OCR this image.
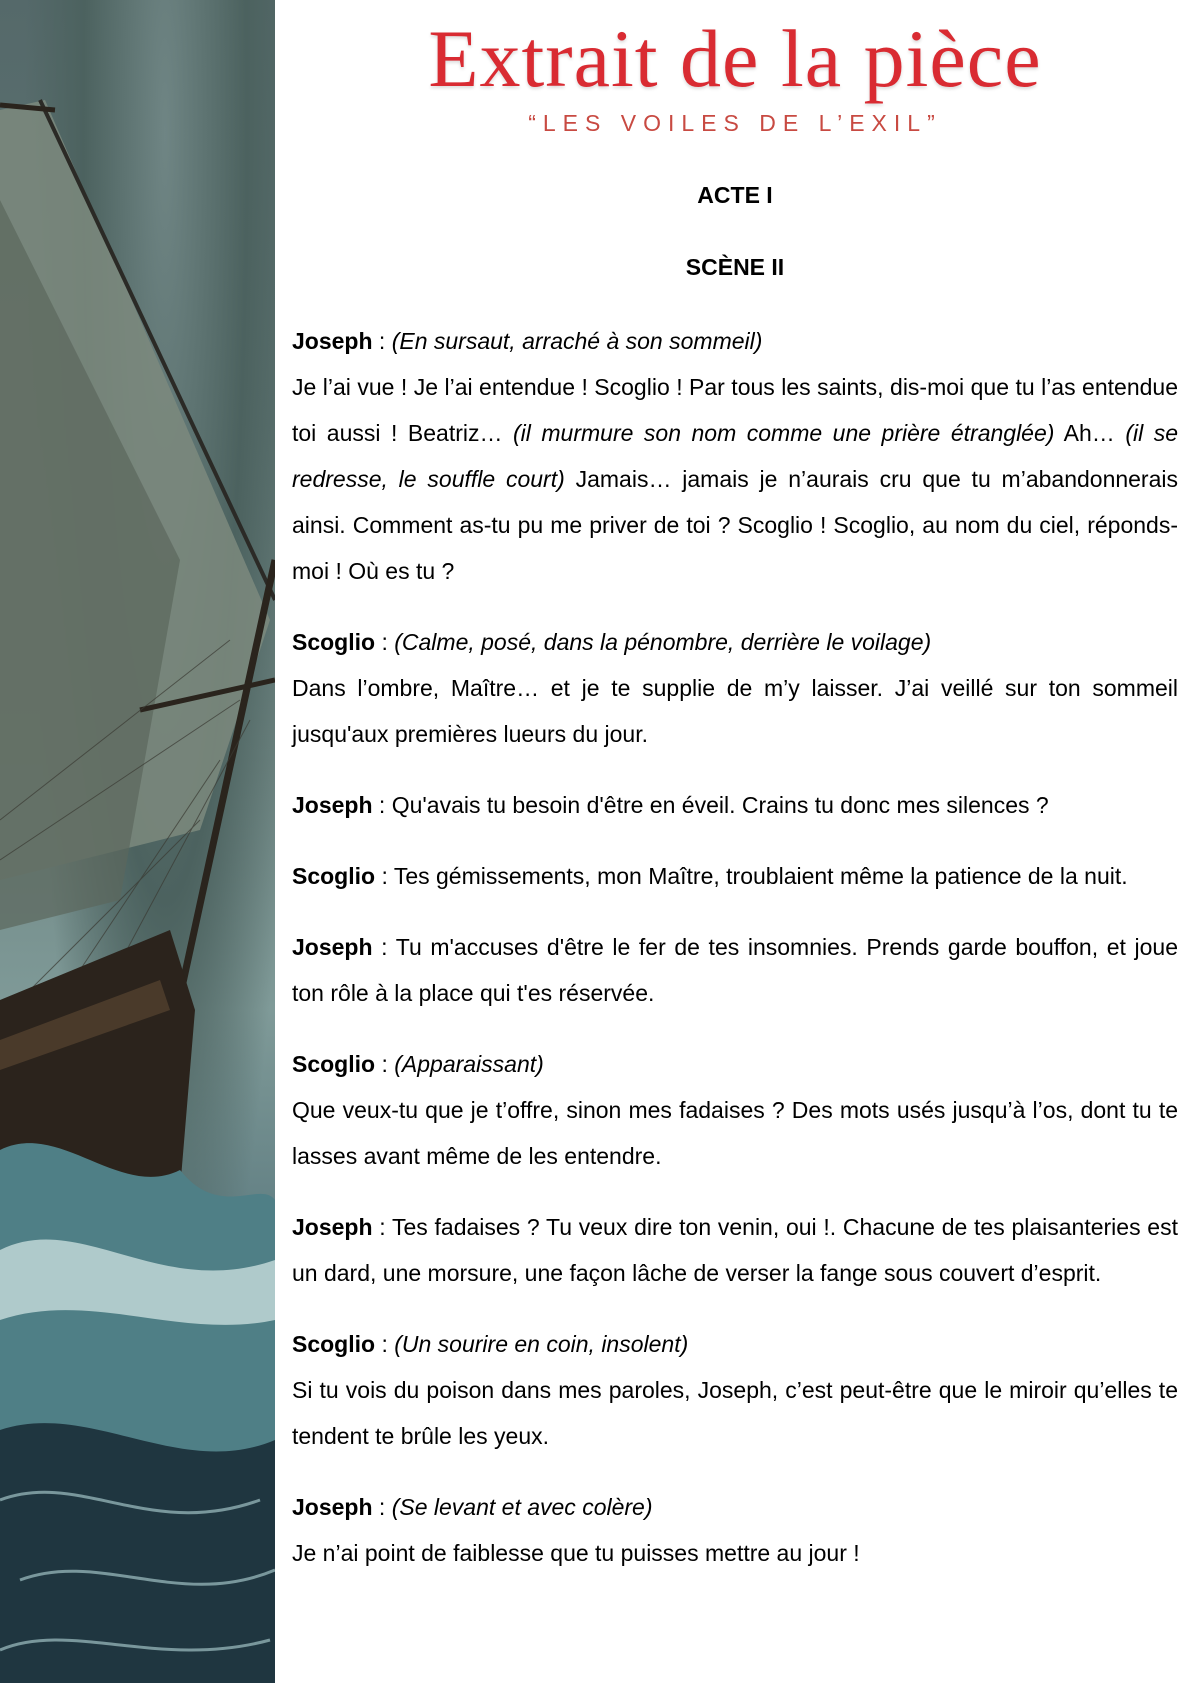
Extrait de la pièce
“LES VOILES DE L’EXIL”
ACTE I
SCÈNE II

Joseph : (En sursaut, arraché à son sommeil)
Je l’ai vue ! Je l’ai entendue ! Scoglio ! Par tous les saints, dis-moi que tu l’as entendue toi aussi ! Beatriz… (il murmure son nom comme une prière étranglée) Ah… (il se redresse, le souffle court) Jamais… jamais je n’aurais cru que tu m’abandonnerais ainsi. Comment as-tu pu me priver de toi ? Scoglio ! Scoglio, au nom du ciel, réponds-moi ! Où es tu ?

Scoglio : (Calme, posé, dans la pénombre, derrière le voilage)
Dans l’ombre, Maître… et je te supplie de m’y laisser. J’ai veillé sur ton sommeil jusqu'aux premières lueurs du jour.

Joseph : Qu'avais tu besoin d'être en éveil. Crains tu donc mes silences ?

Scoglio : Tes gémissements, mon Maître, troublaient même la patience de la nuit.

Joseph : Tu m'accuses d'être le fer de tes insomnies. Prends garde bouffon, et joue ton rôle à la place qui t'es réservée.

Scoglio : (Apparaissant)
Que veux-tu que je t’offre, sinon mes fadaises ? Des mots usés jusqu’à l’os, dont tu te lasses avant même de les entendre.

Joseph : Tes fadaises ? Tu veux dire ton venin, oui !. Chacune de tes plaisanteries est un dard, une morsure, une façon lâche de verser la fange sous couvert d’esprit.

Scoglio : (Un sourire en coin, insolent)
Si tu vois du poison dans mes paroles, Joseph, c’est peut-être que le miroir qu’elles te tendent te brûle les yeux.

Joseph : (Se levant et avec colère)
Je n’ai point de faiblesse que tu puisses mettre au jour !
